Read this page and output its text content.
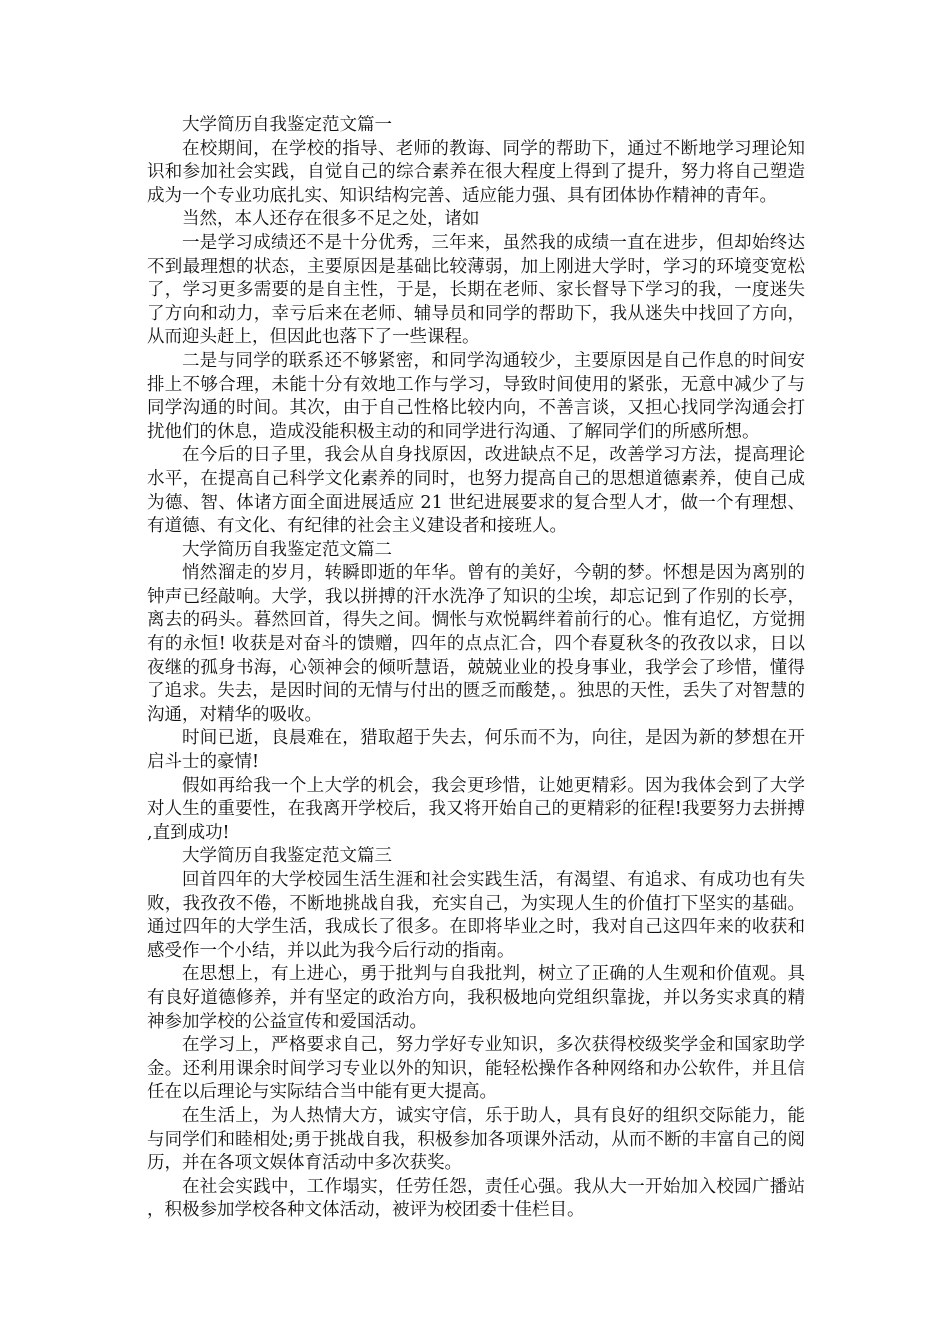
大学简历自我鉴定范文篇一

在校期间，在学校的指导、老师的教诲、同学的帮助下，通过不断地学习理论知识和参加社会实践，自觉自己的综合素养在很大程度上得到了提升，努力将自己塑造成为一个专业功底扎实、知识结构完善、适应能力强、具有团体协作精神的青年。

当然，本人还存在很多不足之处，诸如

一是学习成绩还不是十分优秀，三年来，虽然我的成绩一直在进步，但却始终达不到最理想的状态，主要原因是基础比较薄弱，加上刚进大学时，学习的环境变宽松了，学习更多需要的是自主性，于是，长期在老师、家长督导下学习的我，一度迷失了方向和动力，幸亏后来在老师、辅导员和同学的帮助下，我从迷失中找回了方向，从而迎头赶上，但因此也落下了一些课程。

二是与同学的联系还不够紧密，和同学沟通较少，主要原因是自己作息的时间安排上不够合理，未能十分有效地工作与学习，导致时间使用的紧张，无意中减少了与同学沟通的时间。其次，由于自己性格比较内向，不善言谈，又担心找同学沟通会打扰他们的休息，造成没能积极主动的和同学进行沟通、了解同学们的所感所想。

在今后的日子里，我会从自身找原因，改进缺点不足，改善学习方法，提高理论水平，在提高自己科学文化素养的同时，也努力提高自己的思想道德素养，使自己成为德、智、体诸方面全面进展适应 21 世纪进展要求的复合型人才，做一个有理想、有道德、有文化、有纪律的社会主义建设者和接班人。

大学简历自我鉴定范文篇二

悄然溜走的岁月，转瞬即逝的年华。曾有的美好，今朝的梦。怀想是因为离别的钟声已经敲响。大学，我以拼搏的汗水洗净了知识的尘埃，却忘记到了作别的长亭，离去的码头。暮然回首，得失之间。惆怅与欢悦羁绊着前行的心。惟有追忆，方觉拥有的永恒! 收获是对奋斗的馈赠，四年的点点汇合，四个春夏秋冬的孜孜以求，日以夜继的孤身书海，心领神会的倾听慧语，兢兢业业的投身事业，我学会了珍惜，懂得了追求。失去，是因时间的无情与付出的匮乏而酸楚，。独思的天性，丢失了对智慧的沟通，对精华的吸收。

时间已逝，良晨难在，猎取超于失去，何乐而不为，向往，是因为新的梦想在开启斗士的豪情!

假如再给我一个上大学的机会，我会更珍惜，让她更精彩。因为我体会到了大学对人生的重要性，在我离开学校后，我又将开始自己的更精彩的征程!我要努力去拼搏,直到成功!

大学简历自我鉴定范文篇三

回首四年的大学校园生活生涯和社会实践生活，有渴望、有追求、有成功也有失败，我孜孜不倦，不断地挑战自我，充实自己，为实现人生的价值打下坚实的基础。通过四年的大学生活，我成长了很多。在即将毕业之时，我对自己这四年来的收获和感受作一个小结，并以此为我今后行动的指南。

在思想上，有上进心，勇于批判与自我批判，树立了正确的人生观和价值观。具有良好道德修养，并有坚定的政治方向，我积极地向党组织靠拢，并以务实求真的精神参加学校的公益宣传和爱国活动。

在学习上，严格要求自己，努力学好专业知识，多次获得校级奖学金和国家助学金。还利用课余时间学习专业以外的知识，能轻松操作各种网络和办公软件，并且信任在以后理论与实际结合当中能有更大提高。

在生活上，为人热情大方，诚实守信，乐于助人，具有良好的组织交际能力，能与同学们和睦相处;勇于挑战自我，积极参加各项课外活动，从而不断的丰富自己的阅历，并在各项文娱体育活动中多次获奖。

在社会实践中，工作塌实，任劳任怨，责任心强。我从大一开始加入校园广播站，积极参加学校各种文体活动，被评为校团委十佳栏目。
